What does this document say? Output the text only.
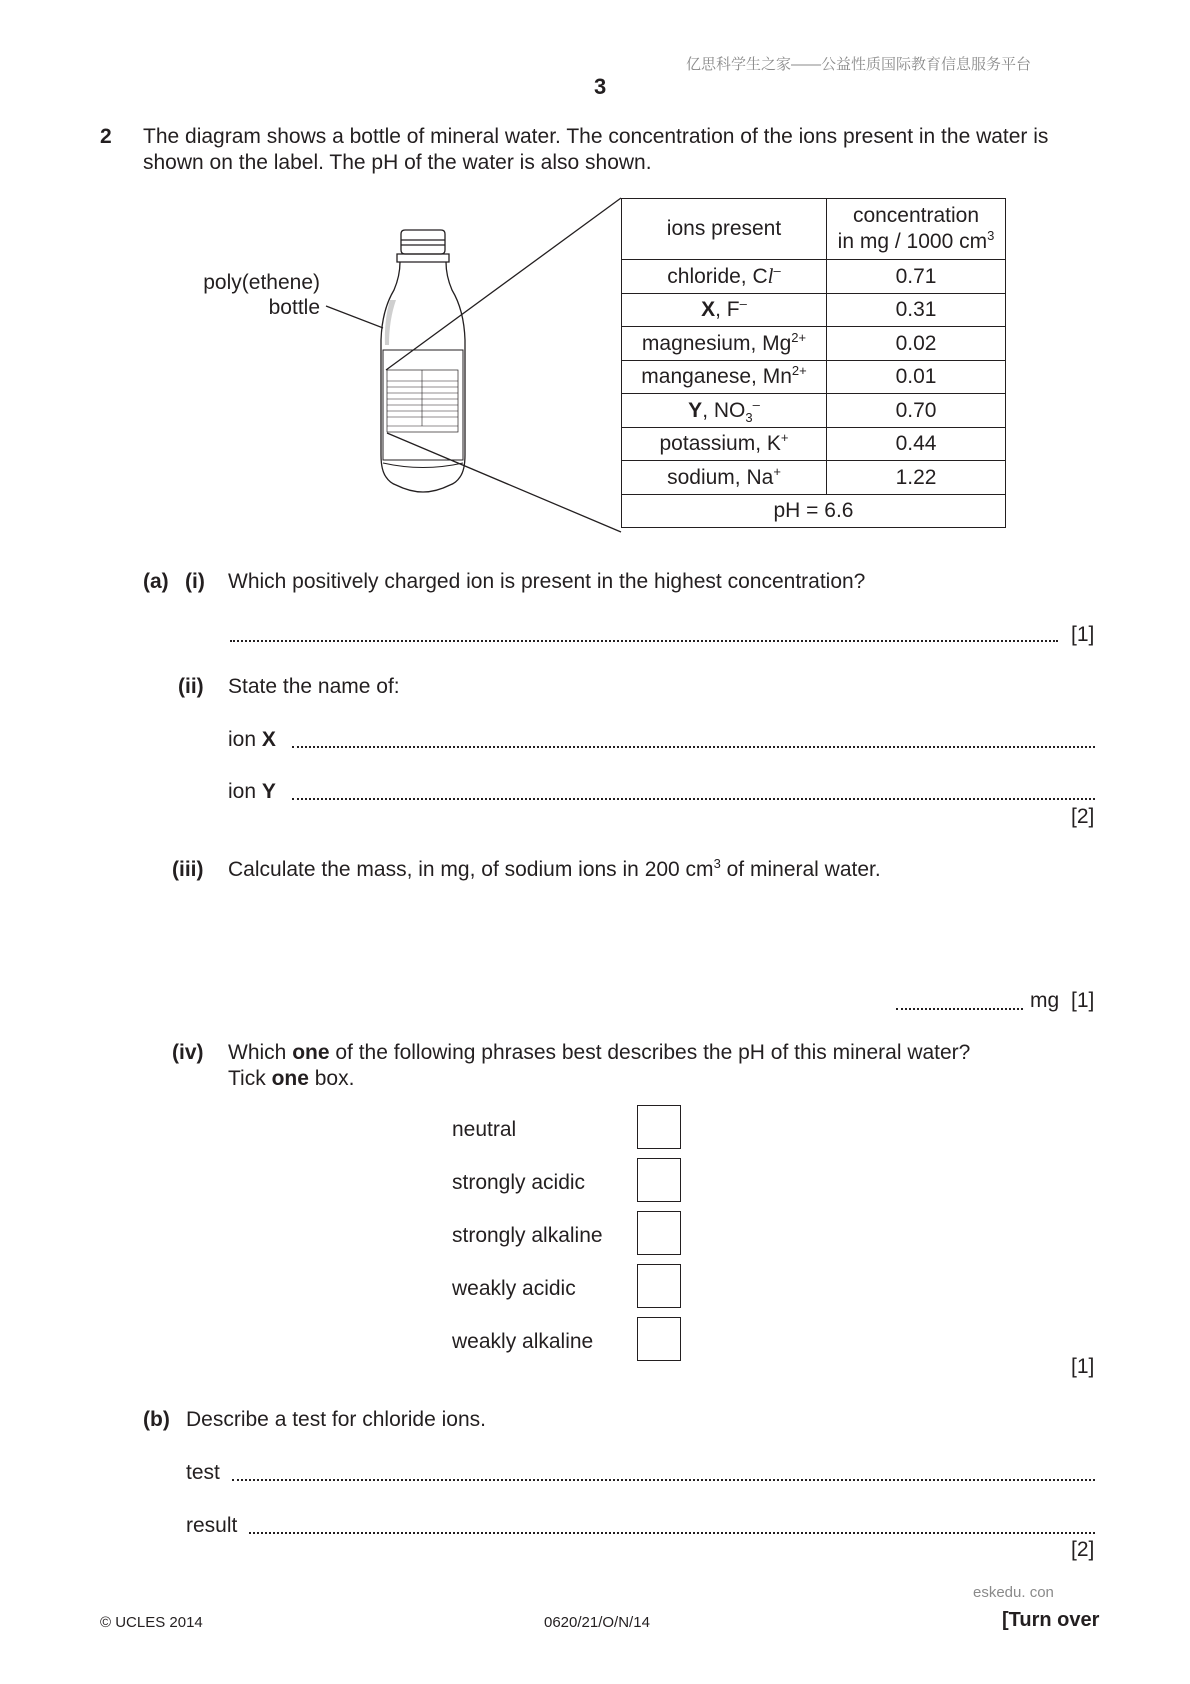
亿思科学生之家——公益性质国际教育信息服务平台
3
2 The diagram shows a bottle of mineral water. The concentration of the ions present in the water is
shown on the label. The pH of the water is also shown.
poly(ethene)
bottle
ions present	concentration
in mg / 1000 $cm^3$
chloride, Cl–	0.71
X, F–	0.31
magnesium, $Mg^{2+}$	0.02
manganese, $Mn^{2+}$	0.01
Y, $NO_3^-$	0.70
potassium, K+	0.44
sodium, Na+	1.22
pH = 6.6	
(a) (i) Which positively charged ion is present in the highest concentration?
[1]
(ii) State the name of:
ion X
ion Y
[2]
(iii) Calculate the mass, in mg, of sodium ions in 200 $cm^3$ of mineral water.
mg [1]
(iv) Which one of the following phrases best describes the pH of this mineral water?
Tick one box.
neutral
strongly acidic
strongly alkaline
weakly acidic
weakly alkaline
[1]
(b) Describe a test for chloride ions.
test
result
[2]
eskedu. con
© UCLES 2014	0620/21/O/N/14	[Turn over
